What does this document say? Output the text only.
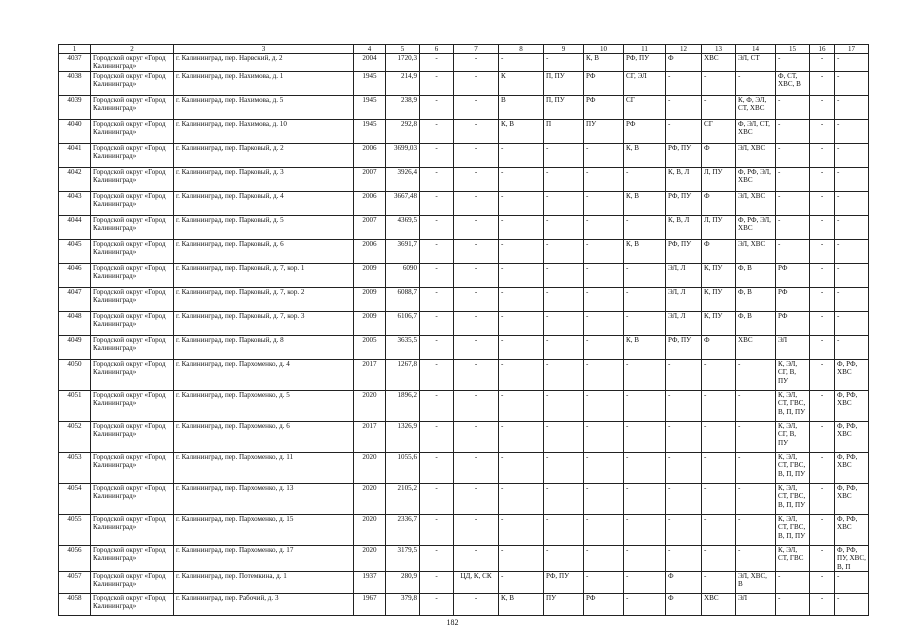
1	2	3	4	5	6	7	8	9	10	11	12	13	14	15	16	17
4037	Городской округ «Город Калининград»	г. Калининград, пер. Нарвский, д. 2	2004	1720,3	-	-	-	-	К, В	РФ, ПУ	Ф	ХВС	ЭЛ, СТ	-	-	-
4038	Городской округ «Город Калининград»	г. Калининград, пер. Нахимова, д. 1	1945	214,9	-	-	К	П, ПУ	РФ	СГ, ЭЛ	-	-	-	Ф, СТ, ХВС, В	-	-
4039	Городской округ «Город Калининград»	г. Калининград, пер. Нахимова, д. 5	1945	238,9	-	-	В	П, ПУ	РФ	СГ	-	-	К, Ф, ЭЛ, СТ, ХВС	-	-	-
4040	Городской округ «Город Калининград»	г. Калининград, пер. Нахимова, д. 10	1945	292,8	-	-	К, В	П	ПУ	РФ	-	СГ	Ф, ЭЛ, СТ, ХВС	-	-	-
4041	Городской округ «Город Калининград»	г. Калининград, пер. Парковый, д. 2	2006	3699,03	-	-	-	-	-	К, В	РФ, ПУ	Ф	ЭЛ, ХВС	-	-	-
4042	Городской округ «Город Калининград»	г. Калининград, пер. Парковый, д. 3	2007	3926,4	-	-	-	-	-	-	К, В, Л	Л, ПУ	Ф, РФ, ЭЛ, ХВС	-	-	-
4043	Городской округ «Город Калининград»	г. Калининград, пер. Парковый, д. 4	2006	3667,48	-	-	-	-	-	К, В	РФ, ПУ	Ф	ЭЛ, ХВС	-	-	-
4044	Городской округ «Город Калининград»	г. Калининград, пер. Парковый, д. 5	2007	4369,5	-	-	-	-	-	-	К, В, Л	Л, ПУ	Ф, РФ, ЭЛ, ХВС	-	-	-
4045	Городской округ «Город Калининград»	г. Калининград, пер. Парковый, д. 6	2006	3691,7	-	-	-	-	-	К, В	РФ, ПУ	Ф	ЭЛ, ХВС	-	-	-
4046	Городской округ «Город Калининград»	г. Калининград, пер. Парковый, д. 7, кор. 1	2009	6090	-	-	-	-	-	-	ЭЛ, Л	К, ПУ	Ф, В	РФ	-	-
4047	Городской округ «Город Калининград»	г. Калининград, пер. Парковый, д. 7, кор. 2	2009	6088,7	-	-	-	-	-	-	ЭЛ, Л	К, ПУ	Ф, В	РФ	-	-
4048	Городской округ «Город Калининград»	г. Калининград, пер. Парковый, д. 7, кор. 3	2009	6106,7	-	-	-	-	-	-	ЭЛ, Л	К, ПУ	Ф, В	РФ	-	-
4049	Городской округ «Город Калининград»	г. Калининград, пер. Парковый, д. 8	2005	3635,5	-	-	-	-	-	К, В	РФ, ПУ	Ф	ХВС	ЭЛ	-	-
4050	Городской округ «Город Калининград»	г. Калининград, пер. Пархоменко, д. 4	2017	1267,8	-	-	-	-	-	-	-	-	-	К, ЭЛ, СГ, В, ПУ	-	Ф, РФ, ХВС
4051	Городской округ «Город Калининград»	г. Калининград, пер. Пархоменко, д. 5	2020	1896,2	-	-	-	-	-	-	-	-	-	К, ЭЛ, СТ, ГВС, В, П, ПУ	-	Ф, РФ, ХВС
4052	Городской округ «Город Калининград»	г. Калининград, пер. Пархоменко, д. 6	2017	1326,9	-	-	-	-	-	-	-	-	-	К, ЭЛ, СГ, В, ПУ	-	Ф, РФ, ХВС
4053	Городской округ «Город Калининград»	г. Калининград, пер. Пархоменко, д. 11	2020	1055,6	-	-	-	-	-	-	-	-	-	К, ЭЛ, СТ, ГВС, В, П, ПУ	-	Ф, РФ, ХВС
4054	Городской округ «Город Калининград»	г. Калининград, пер. Пархоменко, д. 13	2020	2105,2	-	-	-	-	-	-	-	-	-	К, ЭЛ, СТ, ГВС, В, П, ПУ	-	Ф, РФ, ХВС
4055	Городской округ «Город Калининград»	г. Калининград, пер. Пархоменко, д. 15	2020	2336,7	-	-	-	-	-	-	-	-	-	К, ЭЛ, СТ, ГВС, В, П, ПУ	-	Ф, РФ, ХВС
4056	Городской округ «Город Калининград»	г. Калининград, пер. Пархоменко, д. 17	2020	3179,5	-	-	-	-	-	-	-	-	-	К, ЭЛ, СТ, ГВС	-	Ф, РФ, ПУ, ХВС, В, П
4057	Городской округ «Город Калининград»	г. Калининград, пер. Потемкина, д. 1	1937	280,9	-	ЦД, К, СК	-	РФ, ПУ	-	-	Ф	-	ЭЛ, ХВС, В	-	-	-
4058	Городской округ «Город Калининград»	г. Калининград, пер. Рабочий, д. 3	1967	379,8	-	-	К, В	ПУ	РФ	-	Ф	ХВС	ЭЛ	-	-	-
182
